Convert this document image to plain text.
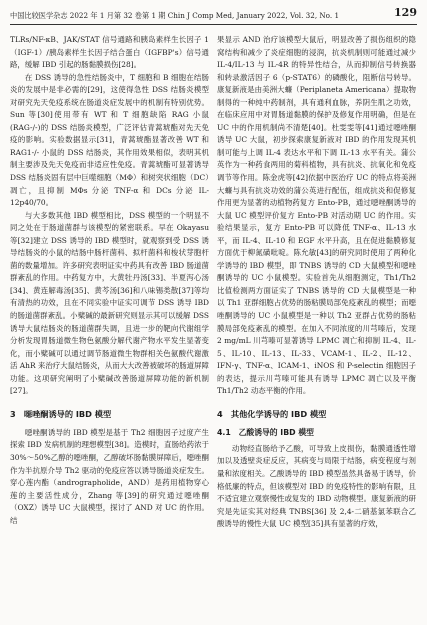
中国比较医学杂志 2022 年 1 月第 32 卷第 1 期 Chin J Comp Med, January 2022, Vol. 32, No. 1	129

TLRs/NF-κB、JAK/STAT 信号通路和胰岛素样生长因子 1（IGF-1）/胰岛素样生长因子结合蛋白（IGFBP's）信号通路，缓解 IBD 引起的肠黏膜损伤[28]。

在 DSS 诱导的急性结肠炎中，T 细胞和 B 细胞在结肠炎的发展中是非必需的[29]，这使得急性 DSS 结肠炎模型对研究先天免疫系统在肠道炎症发展中的机制有特别优势。Sun 等[30]使用带有 WT 和 T 细胞缺陷 RAG 小鼠(RAG-/-)的 DSS 结肠炎模型，广泛评估青蒿琥酯对先天免疫的影响。实验数据显示[31]，青蒿琥酯显著改善 WT 和 RAG1-/- 小鼠的 DSS 结肠炎，其作用效果相似，表明其机制主要涉及先天免疫而非适应性免疫。青蒿琥酯可显著诱导 DSS 结肠炎固有层中巨噬细胞（MΦ）和树突状细胞（DC）凋亡，且抑制 MΦs 分泌 TNF-α 和 DCs 分泌 IL-12p40/70。

与大多数其他 IBD 模型相比，DSS 模型的一个明显不同之处在于肠道菌群与该模型的紧密联系。早在 Okayasu 等[32]建立 DSS 诱导的 IBD 模型时，就观察到受 DSS 诱导结肠炎的小鼠的结肠中肠杆菌科、拟杆菌科和梭状芽胞杆菌的数量增加。许多研究表明证实中药具有改善 IBD 肠道菌群紊乱的作用。中药复方中，大黄牡丹汤[33]、半夏泻心汤[34]、黄连解毒汤[35]、黄芩汤[36]和八味锡类散[37]等均有清热的功效，且在不同实验中证实可调节 DSS 诱导 IBD 的肠道菌群紊乱。小檗碱的最新研究则显示其可以缓解 DSS 诱导大鼠结肠炎的肠道菌群失调，且进一步的靶向代谢组学分析发现胃肠道微生物色氨酸分解代谢产物水平发生显著变化，而小檗碱可以通过调节肠道微生物群相关色氨酸代谢激活 AhR 来治疗大鼠结肠炎，从而大大改善被破坏的肠道屏障功能。这项研究阐明了小檗碱改善肠道屏障功能的新机制[27]。

3　噁唑酮诱导的 IBD 模型

噁唑酮诱导的 IBD 模型是基于 Th2 细胞因子过度产生探索 IBD 发病机制的理想模型[38]。造模时，直肠给药浓于 30%～50%乙醇的噁唑酮，乙醇破坏肠黏膜屏障后，噁唑酮作为半抗原介导 Th2 驱动的免疫应答以诱导肠道炎症发生。穿心莲内酯（andrographolide，AND）是药用植物穿心莲的主要活性成分，Zhang 等[39]的研究通过噁唑酮（OXZ）诱导 UC 大鼠模型，探讨了 AND 对 UC 的作用。结

果显示 AND 治疗该模型大鼠后，明显改善了损伤组织的隐窝结构和减少了炎症细胞的浸润，抗炎机制则可能通过减少 IL-4/IL-13 与 IL-4R 的特异性结合，从而抑制信号转换器和转录激活因子 6（p-STAT6）的磷酸化，阻断信号转导。康复新液是由美洲大蠊（Periplaneta Americana）提取物制得的一种纯中药制剂，具有通利血脉，养阴生肌之功效，在临床应用中对胃肠道黏膜的保护及修复作用明确，但是在 UC 中的作用机制尚不清楚[40]。杜雯雯等[41]通过噁唑酮诱导 UC 大鼠，初步探索康复新液对 IBD 的作用发现其机制可能与上调 IL-4 表达水平和下调 IL-13 水平有关。蒲公英作为一种药食两用的菊科植物，具有抗炎、抗氧化和免疫调节等作用。陈金虎等[42]依据中医治疗 UC 的特点将美洲大蠊与具有抗炎功效的蒲公英进行配伍，组成抗炎和促修复作用更为显著的动植物药复方 Ento-PB，通过噁唑酮诱导的大鼠 UC 模型评价复方 Ento-PB 对活动期 UC 的作用。实验结果显示，复方 Ento-PB 可以降低 TNF-α、IL-13 水平，而 IL-4、IL-10 和 EGF 水平升高，且在促进黏膜修复方面优于柳氮磺吡啶。陈允敏[43]的研究同时使用了两种化学诱导的 IBD 模型，即 TNBS 诱导的 CD 大鼠模型和噁唑酮诱导的 UC 小鼠模型。实验首先从细胞测定，Th1/Th2 比值检测两方面证实了 TNBS 诱导的 CD 大鼠模型是一种以 Th1 亚群细胞占优势的肠粘膜局部免疫紊乱的模型；而噁唑酮诱导的 UC 小鼠模型是一种以 Th2 亚群占优势的肠粘膜局部免疫紊乱的模型。在加入不同浓度的川芎嗪后，发现 2 mg/mL 川芎嗪可显著诱导 LPMC 凋亡和抑制 IL-4、IL-5、IL-10、IL-13、IL-33、VCAM-1、IL-2、IL-12、IFN-γ、TNF-α、ICAM-1、iNOS 和 P-selectin 细胞因子的表达，提示川芎嗪可能具有诱导 LPMC 凋亡以及平衡 Th1/Th2 动态平衡的作用。

4　其他化学诱导的 IBD 模型
4.1　乙酸诱导的 IBD 模型

动物经直肠给予乙酸，可导致上皮损伤，黏膜通透性增加以及透壁炎症反应，其病变与局限于结肠，病变程度与剂量和浓度相关。乙酸诱导的 IBD 模型虽然具备易于诱导，价格低廉的特点，但该模型对 IBD 的免疫特性的影响有限，且不适宜建立观察慢性或复发的 IBD 动物模型。康复新液的研究是先证实其对经典 TNBS[36] 及 2,4-二硝基氯苯联合乙酸诱导的慢性大鼠 UC 模型[35]具有显著的疗效，
